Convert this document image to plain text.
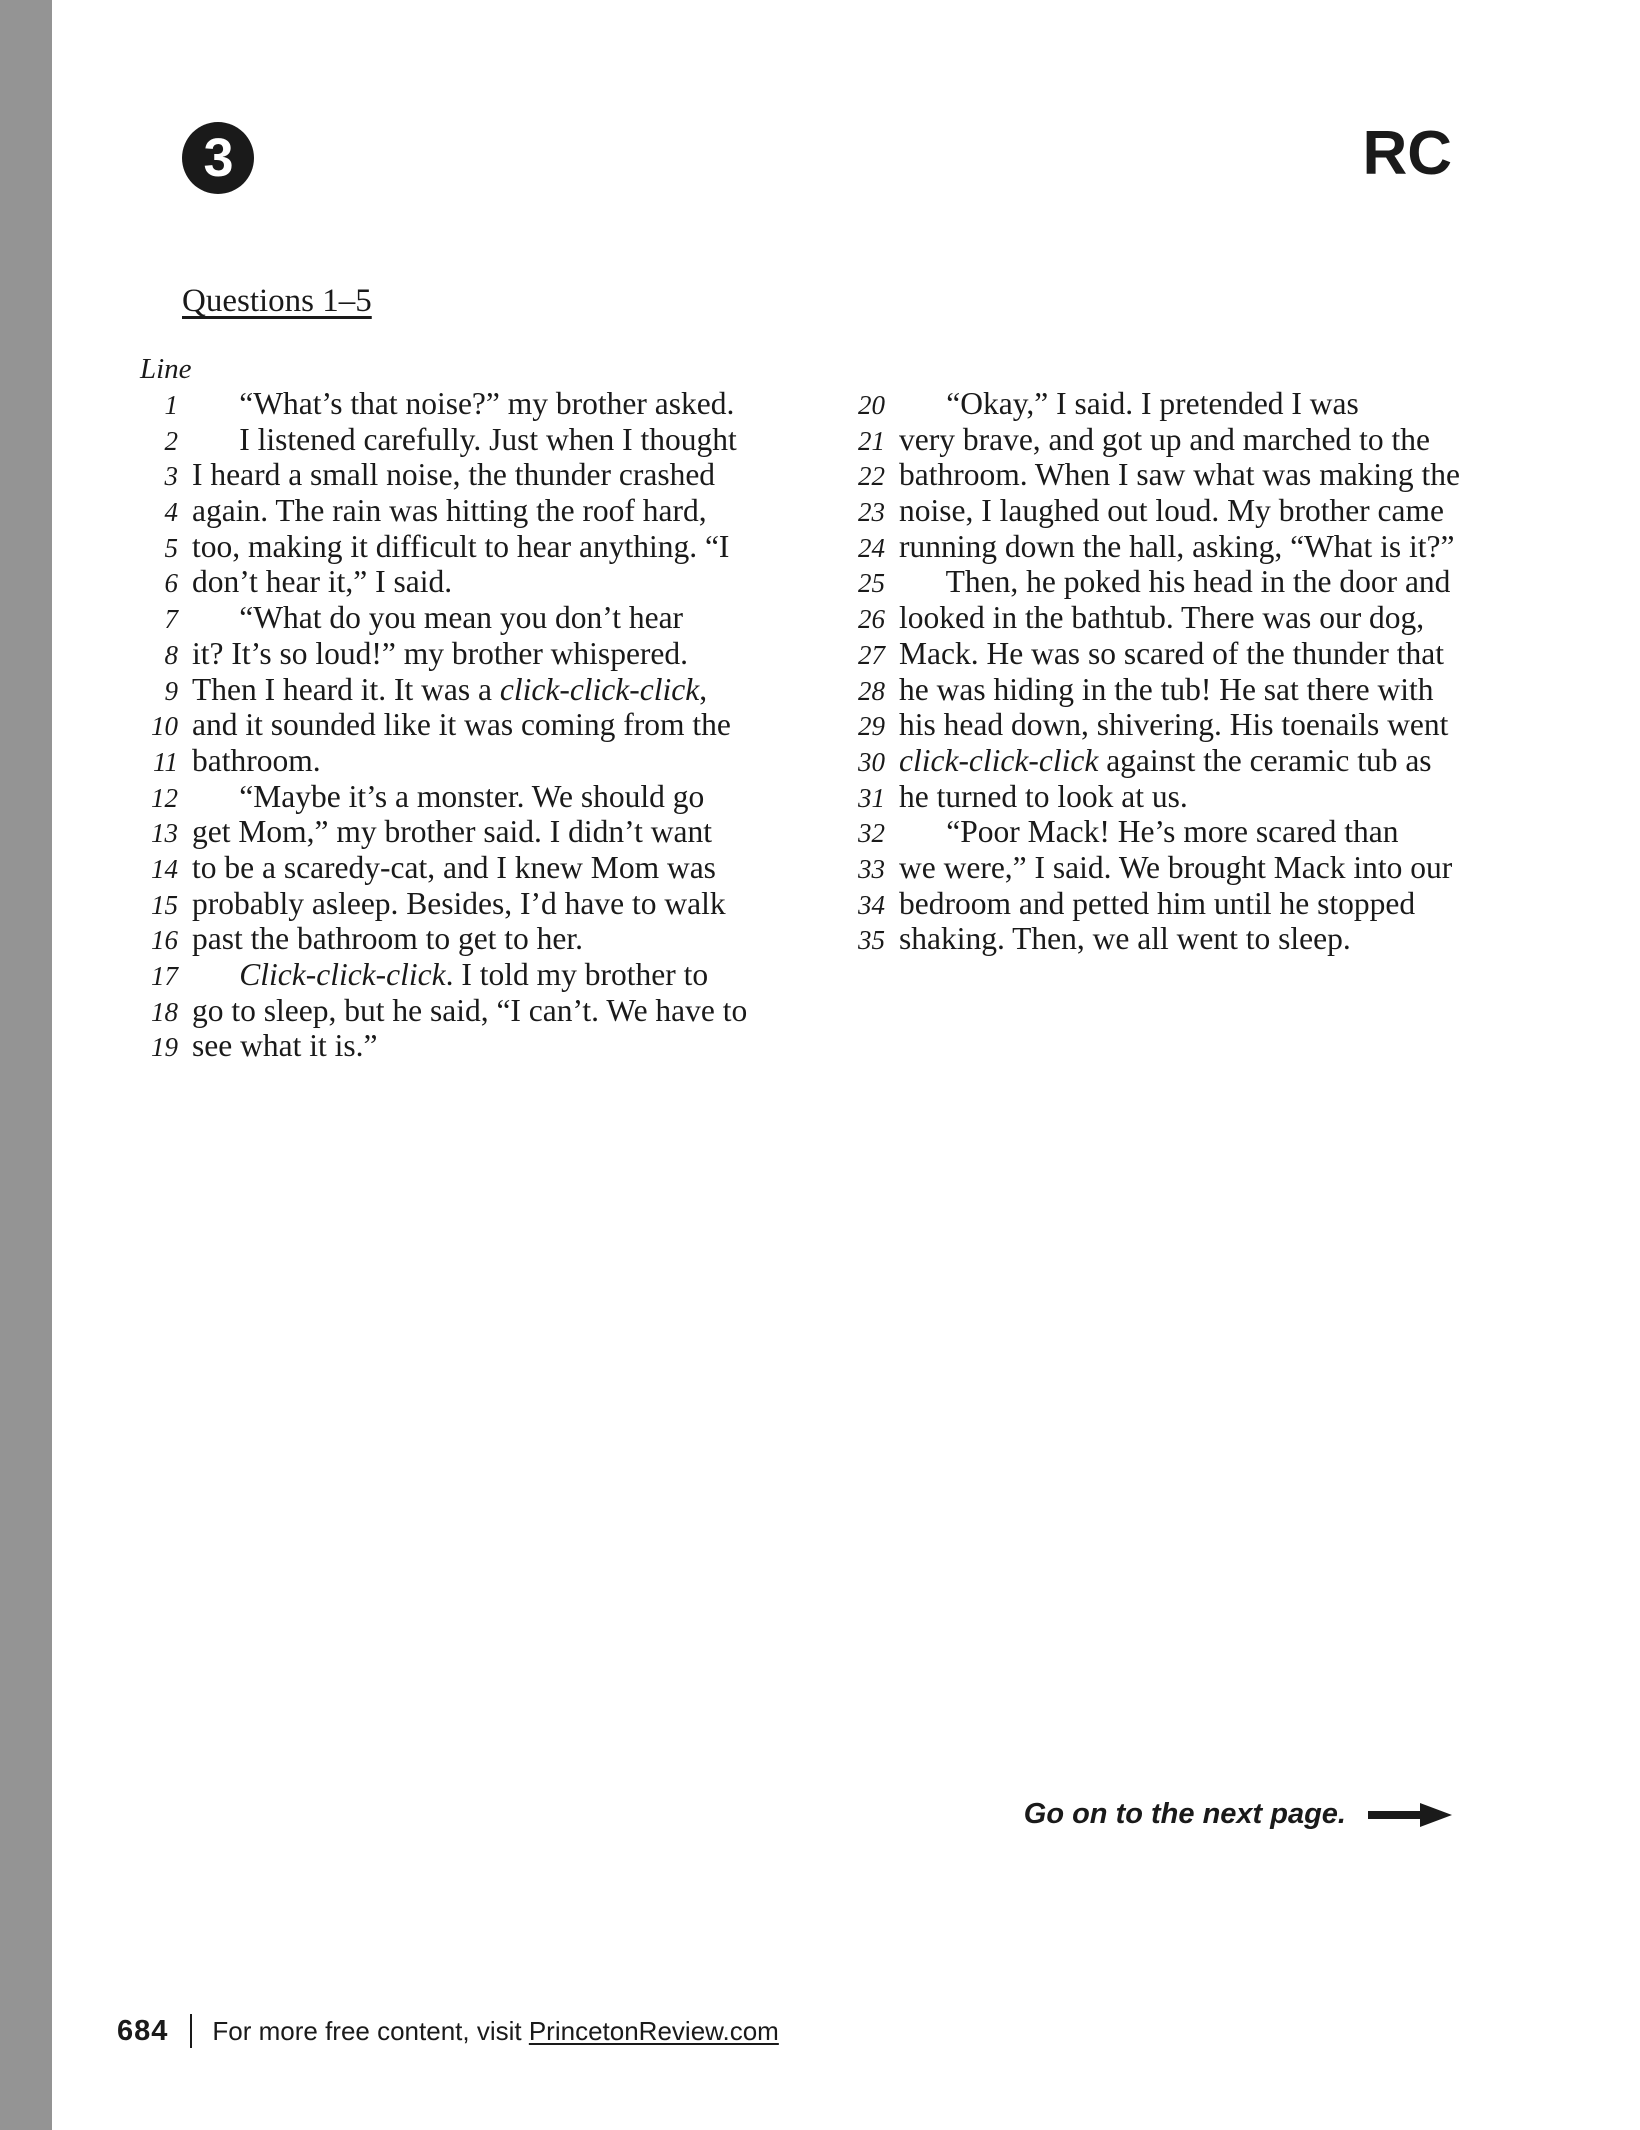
3	RC
Questions 1–5
Line
1 “What’s that noise?” my brother asked.
2 I listened carefully. Just when I thought
3 I heard a small noise, the thunder crashed
4 again. The rain was hitting the roof hard,
5 too, making it difficult to hear anything. “I
6 don’t hear it,” I said.
7 “What do you mean you don’t hear
8 it? It’s so loud!” my brother whispered.
9 Then I heard it. It was a click-click-click,
10 and it sounded like it was coming from the
11 bathroom.
12 “Maybe it’s a monster. We should go
13 get Mom,” my brother said. I didn’t want
14 to be a scaredy-cat, and I knew Mom was
15 probably asleep. Besides, I’d have to walk
16 past the bathroom to get to her.
17	Click-click-click. I told my brother to
18 go to sleep, but he said, “I can’t. We have to
19 see what it is.”
20 “Okay,” I said. I pretended I was
21 very brave, and got up and marched to the
22 bathroom. When I saw what was making the
23 noise, I laughed out loud. My brother came
24 running down the hall, asking, “What is it?”
25 Then, he poked his head in the door and
26 looked in the bathtub. There was our dog,
27 Mack. He was so scared of the thunder that
28 he was hiding in the tub! He sat there with
29 his head down, shivering. His toenails went
30 click-click-click against the ceramic tub as
31 he turned to look at us.
32 “Poor Mack! He’s more scared than
33 we were,” I said. We brought Mack into our
34 bedroom and petted him until he stopped
35 shaking. Then, we all went to sleep.
Go on to the next page.
684 For more free content, visit PrincetonReview.com
